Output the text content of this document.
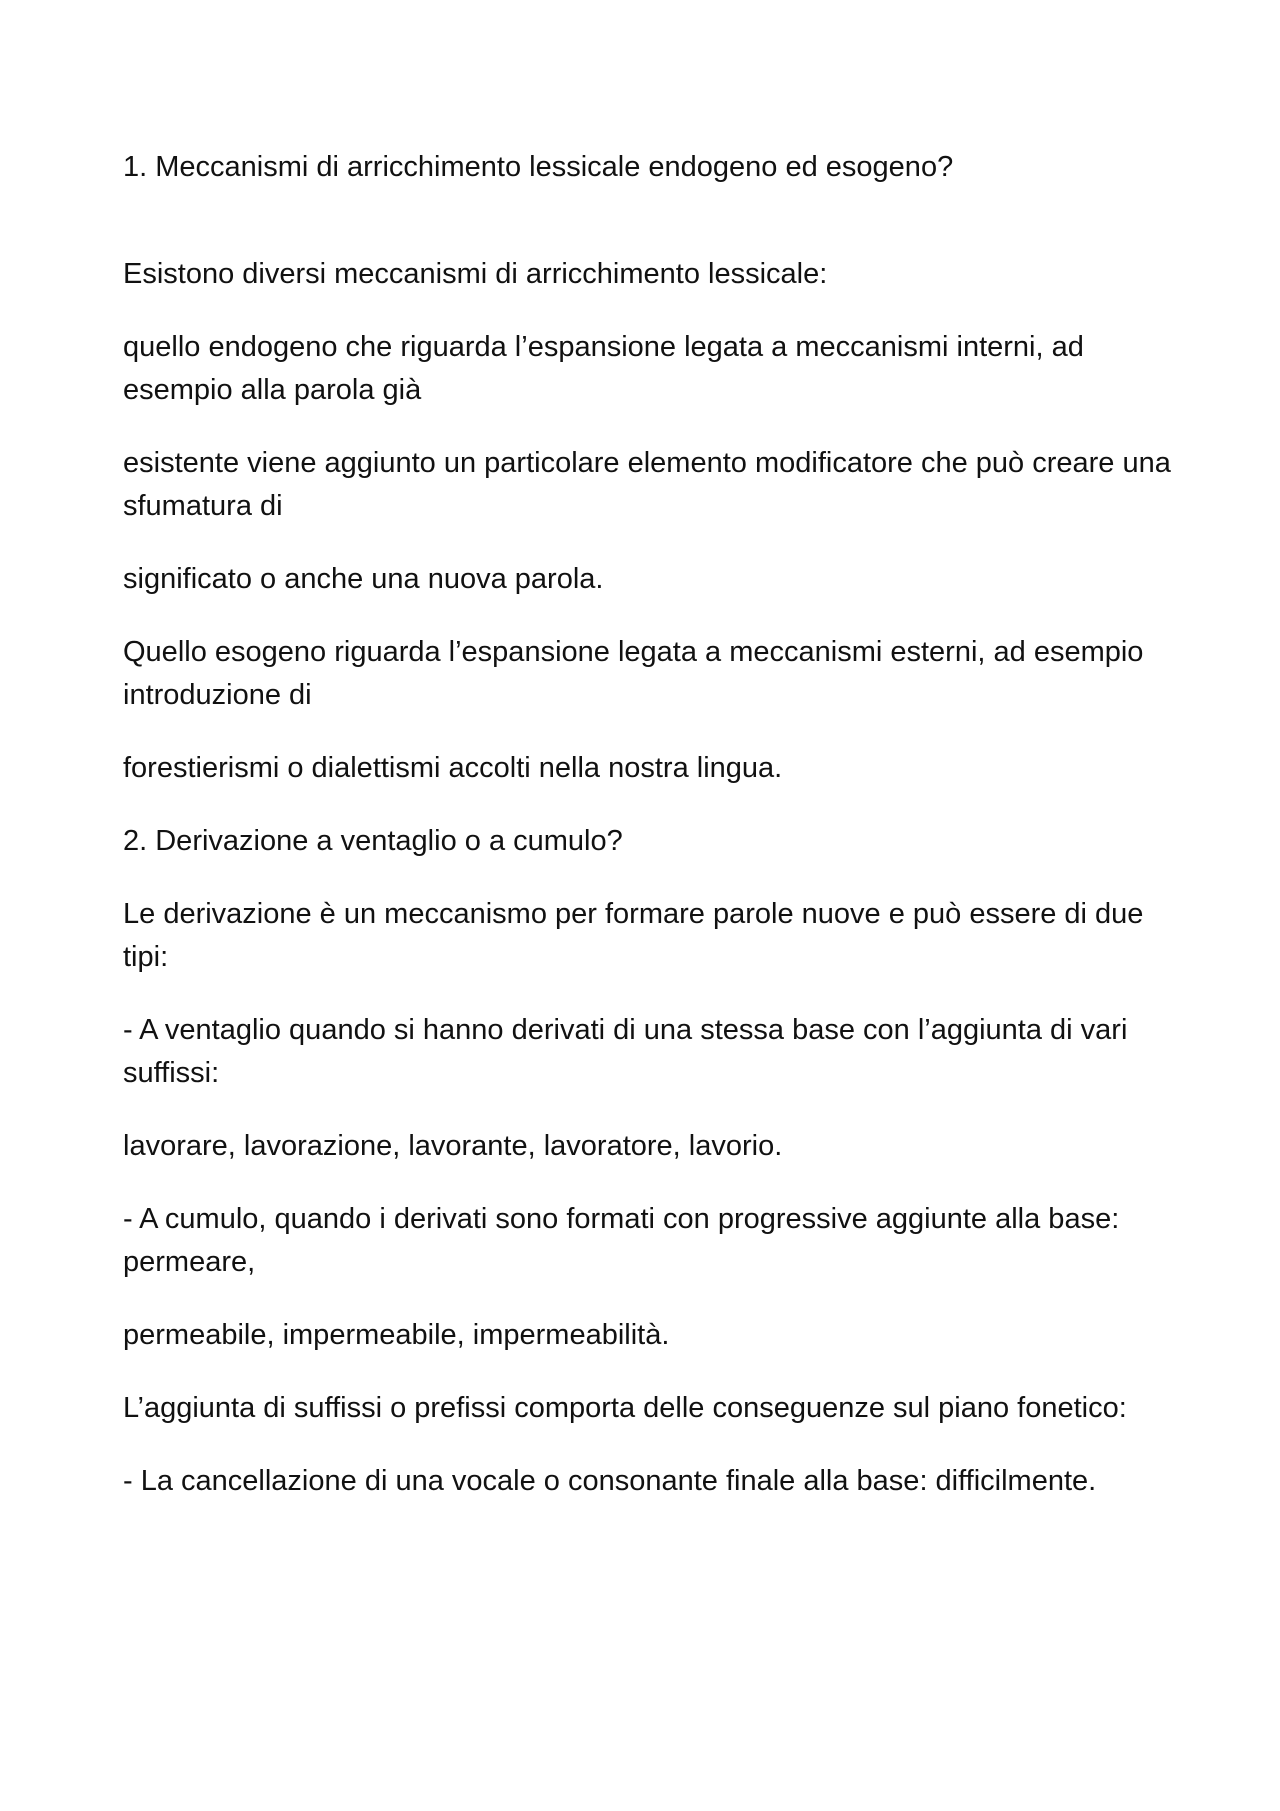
1. Meccanismi di arricchimento lessicale endogeno ed esogeno?

Esistono diversi meccanismi di arricchimento lessicale:

quello endogeno che riguarda l’espansione legata a meccanismi interni, ad esempio alla parola già

esistente viene aggiunto un particolare elemento modificatore che può creare una sfumatura di

significato o anche una nuova parola.

Quello esogeno riguarda l’espansione legata a meccanismi esterni, ad esempio introduzione di

forestierismi o dialettismi accolti nella nostra lingua.

2. Derivazione a ventaglio o a cumulo?

Le derivazione è un meccanismo per formare parole nuove e può essere di due tipi:

- A ventaglio quando si hanno derivati di una stessa base con l’aggiunta di vari suffissi:

lavorare, lavorazione, lavorante, lavoratore, lavorio.

- A cumulo, quando i derivati sono formati con progressive aggiunte alla base: permeare,

permeabile, impermeabile, impermeabilità.

L’aggiunta di suffissi o prefissi comporta delle conseguenze sul piano fonetico:

- La cancellazione di una vocale o consonante finale alla base: difficilmente.
